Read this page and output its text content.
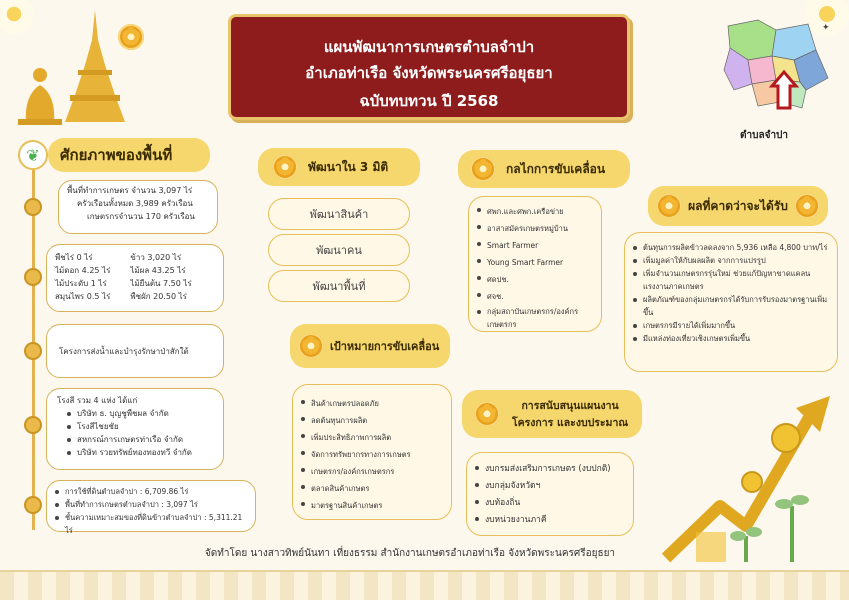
✿
แผนพัฒนาการเกษตรตำบลจำปา
อำเภอท่าเรือ จังหวัดพระนครศรีอยุธยา
ฉบับทบทวน ปี 2568
✦
ตำบลจำปา
❦	ศักยภาพของพื้นที่
พื้นที่ทำการเกษตร จำนวน 3,097 ไร่
ครัวเรือนทั้งหมด 3,989 ครัวเรือน
เกษตรกรจำนวน 170 ครัวเรือน
พืชไร่ 0 ไร่
ไม้ดอก 4.25 ไร่
ไม้ประดับ 1 ไร่
สมุนไพร 0.5 ไร่
ข้าว 3,020 ไร่
ไม้ผล 43.25 ไร่
ไม้ยืนต้น 7.50 ไร่
พืชผัก 20.50 ไร่
โครงการส่งน้ำและบำรุงรักษาป่าสักใต้
โรงสี รวม 4 แห่ง ได้แก่
บริษัท ธ. บุญชูพืชผล จำกัด
โรงสีไชยชัย
สหกรณ์การเกษตรท่าเรือ จำกัด
บริษัท รวยทรัพย์ทองทองทวี จำกัด
การใช้ที่ดินตำบลจำปา : 6,709.86 ไร่
พื้นที่ทำการเกษตรตำบลจำปา : 3,097 ไร่
ชั้นความเหมาะสมของที่ดินข้าวตำบลจำปา : 5,311.21 ไร่
✿
พัฒนาใน 3 มิติ
พัฒนาสินค้า
พัฒนาคน
พัฒนาพื้นที่
✿
กลไกการขับเคลื่อน
ศพก.และศพก.เครือข่าย
อาสาสมัครเกษตรหมู่บ้าน
Smart Farmer
Young Smart Farmer
ศดปช.
ศจช.
กลุ่มสถาบันเกษตรกร/องค์กรเกษตรกร
✿
ผลที่คาดว่าจะได้รับ
✿
ต้นทุนการผลิตข้าวลดลงจาก 5,936 เหลือ 4,800 บาท/ไร่
เพิ่มมูลค่าให้กับผลผลิต จากการแปรรูป
เพิ่มจำนวนเกษตรกรรุ่นใหม่ ช่วยแก้ปัญหาขาดแคลนแรงงานภาคเกษตร
ผลิตภัณฑ์ของกลุ่มเกษตรกรได้รับการรับรองมาตรฐานเพิ่มขึ้น
เกษตรกรมีรายได้เพิ่มมากขึ้น
มีแหล่งท่องเที่ยวเชิงเกษตรเพิ่มขึ้น
✿
เป้าหมายการขับเคลื่อน
สินค้าเกษตรปลอดภัย
ลดต้นทุนการผลิต
เพิ่มประสิทธิภาพการผลิต
จัดการทรัพยากรทางการเกษตร
เกษตรกร/องค์กรเกษตรกร
ตลาดสินค้าเกษตร
มาตรฐานสินค้าเกษตร
✿
การสนับสนุนแผนงาน
โครงการ และงบประมาณ
งบกรมส่งเสริมการเกษตร (งบปกติ)
งบกลุ่มจังหวัดฯ
งบท้องถิ่น
งบหน่วยงานภาคี
จัดทำโดย นางสาวทิพย์นันทา เที่ยงธรรม สำนักงานเกษตรอำเภอท่าเรือ จังหวัดพระนครศรีอยุธยา
